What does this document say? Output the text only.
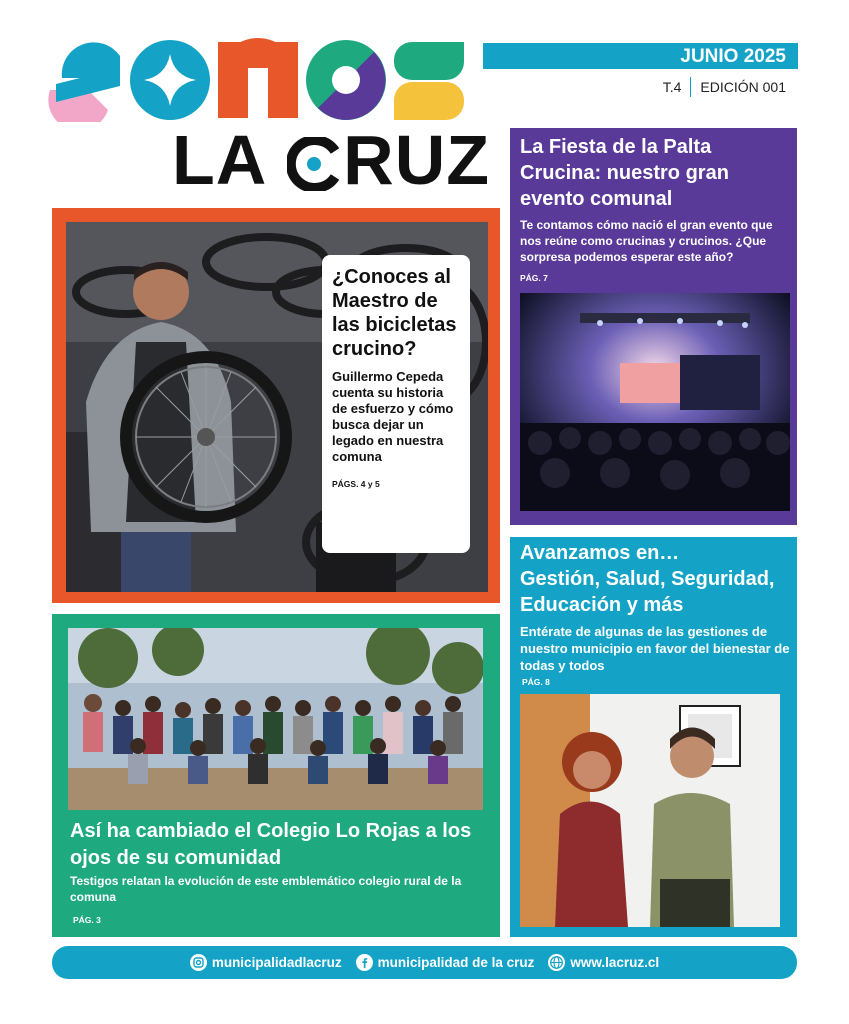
LA RUZ
JUNIO 2025
T.4 EDICIÓN 001
¿Conoces al Maestro de las bicicletas crucino?
Guillermo Cepeda cuenta su historia de esfuerzo y cómo busca dejar un legado en nuestra comuna
PÁGS. 4 y 5
La Fiesta de la Palta Crucina: nuestro gran evento comunal
Te contamos cómo nació el gran evento que nos reúne como crucinas y crucinos. ¿Que sorpresa podemos esperar este año?
PÁG. 7
Avanzamos en…
Gestión, Salud, Seguridad, Educación y más
Entérate de algunas de las gestiones de nuestro municipio en favor del bienestar de todas y todos
PÁG. 8
Así ha cambiado el Colegio Lo Rojas a los ojos de su comunidad
Testigos relatan la evolución de este emblemático colegio rural de la comuna
PÁG. 3
municipalidadlacruz	municipalidad de la cruz	www.lacruz.cl
